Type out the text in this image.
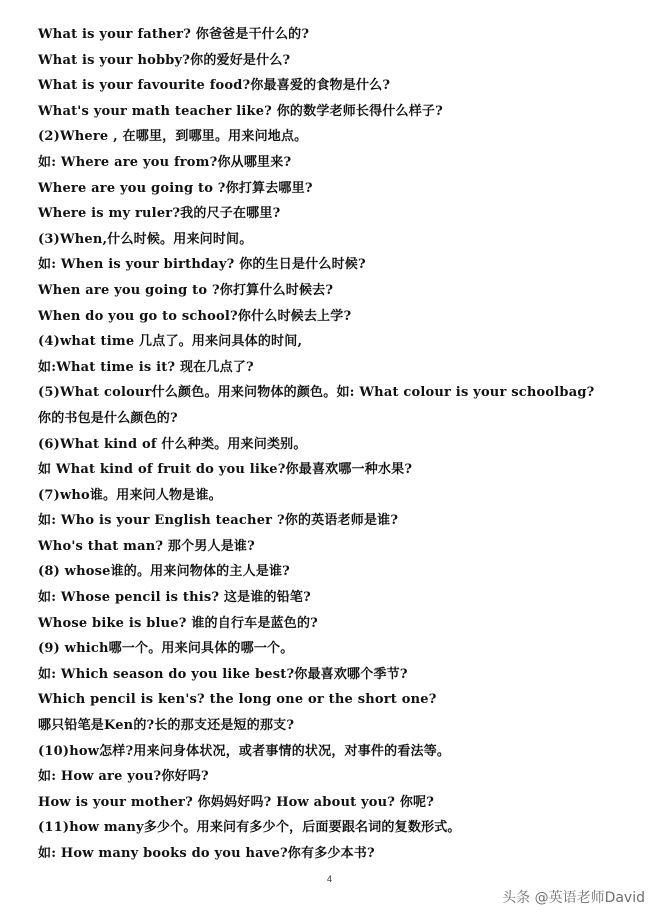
What is your father? 你爸爸是干什么的?
What is your hobby?你的爱好是什么?
What is your favourite food?你最喜爱的食物是什么?
What's your math teacher like? 你的数学老师长得什么样子?
(2)Where , 在哪里，到哪里。用来问地点。
如: Where are you from?你从哪里来?
Where are you going to ?你打算去哪里?
Where is my ruler?我的尺子在哪里?
(3)When,什么时候。用来问时间。
如: When is your birthday? 你的生日是什么时候?
When are you going to ?你打算什么时候去?
When do you go to school?你什么时候去上学?
(4)what time 几点了。用来问具体的时间,
如:What time is it? 现在几点了?
(5)What colour什么颜色。用来问物体的颜色。如: What colour is your schoolbag?
你的书包是什么颜色的?
(6)What kind of 什么种类。用来问类别。
如 What kind of fruit do you like?你最喜欢哪一种水果?
(7)who谁。用来问人物是谁。
如: Who is your English teacher ?你的英语老师是谁?
Who's that man? 那个男人是谁?
(8) whose谁的。用来问物体的主人是谁?
如: Whose pencil is this? 这是谁的铅笔?
Whose bike is blue? 谁的自行车是蓝色的?
(9) which哪一个。用来问具体的哪一个。
如: Which season do you like best?你最喜欢哪个季节?
Which pencil is ken's? the long one or the short one?
哪只铅笔是Ken的?长的那支还是短的那支?
(10)how怎样?用来问身体状况，或者事情的状况，对事件的看法等。
如: How are you?你好吗?
How is your mother? 你妈妈好吗? How about you? 你呢?
(11)how many多少个。用来问有多少个，后面要跟名词的复数形式。
如: How many books do you have?你有多少本书?
4
头条 @英语老师David
